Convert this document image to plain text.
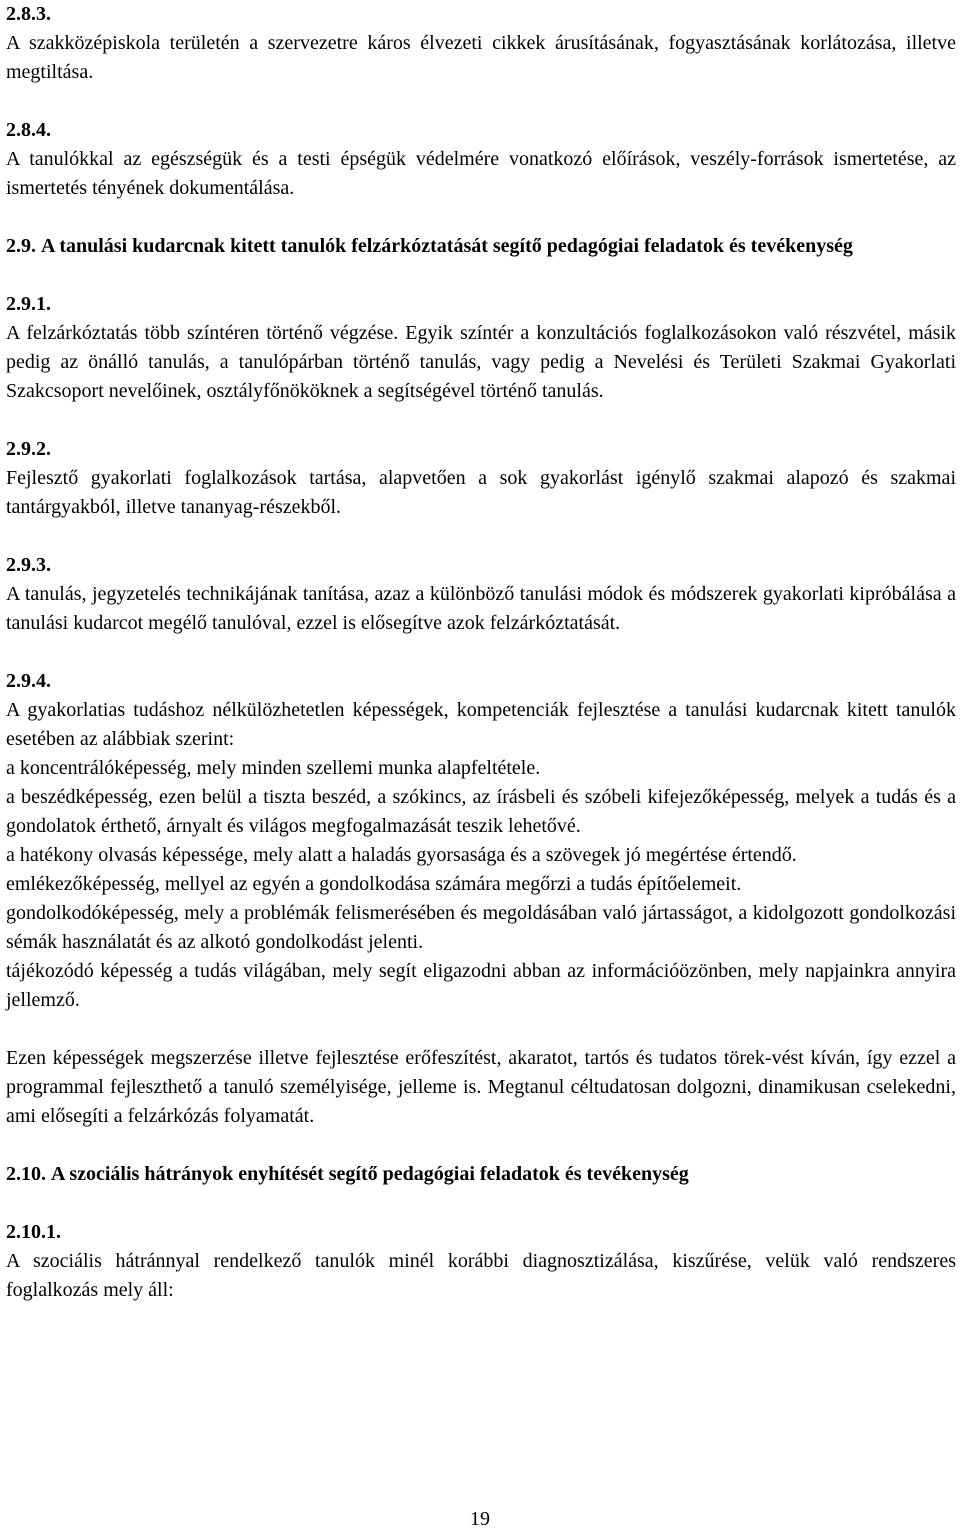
2.8.3.

A szakközépiskola területén a szervezetre káros élvezeti cikkek árusításának, fogyasztásának korlátozása, illetve megtiltása.

2.8.4.

A tanulókkal az egészségük és a testi épségük védelmére vonatkozó előírások, veszély-források ismertetése, az ismertetés tényének dokumentálása.

2.9. A tanulási kudarcnak kitett tanulók felzárkóztatását segítő pedagógiai feladatok és tevékenység
2.9.1.

A felzárkóztatás több színtéren történő végzése. Egyik színtér a konzultációs foglalkozásokon való részvétel, másik pedig az önálló tanulás, a tanulópárban történő tanulás, vagy pedig a Nevelési és Területi Szakmai Gyakorlati Szakcsoport nevelőinek, osztályfőnököknek a segítségével történő tanulás.

2.9.2.

Fejlesztő gyakorlati foglalkozások tartása, alapvetően a sok gyakorlást igénylő szakmai alapozó és szakmai tantárgyakból, illetve tananyag-részekből.

2.9.3.

A tanulás, jegyzetelés technikájának tanítása, azaz a különböző tanulási módok és módszerek gyakorlati kipróbálása a tanulási kudarcot megélő tanulóval, ezzel is elősegítve azok felzárkóztatását.

2.9.4.

A gyakorlatias tudáshoz nélkülözhetetlen képességek, kompetenciák fejlesztése a tanulási kudarcnak kitett tanulók esetében az alábbiak szerint:

a koncentrálóképesség, mely minden szellemi munka alapfeltétele.

a beszédképesség, ezen belül a tiszta beszéd, a szókincs, az írásbeli és szóbeli kifejezőképesség, melyek a tudás és a gondolatok érthető, árnyalt és világos megfogalmazását teszik lehetővé.

a hatékony olvasás képessége, mely alatt a haladás gyorsasága és a szövegek jó megértése értendő.

emlékezőképesség, mellyel az egyén a gondolkodása számára megőrzi a tudás építőelemeit.

gondolkodóképesség, mely a problémák felismerésében és megoldásában való jártasságot, a kidolgozott gondolkozási sémák használatát és az alkotó gondolkodást jelenti.

tájékozódó képesség a tudás világában, mely segít eligazodni abban az információözönben, mely napjainkra annyira jellemző.

Ezen képességek megszerzése illetve fejlesztése erőfeszítést, akaratot, tartós és tudatos törek-vést kíván, így ezzel a programmal fejleszthető a tanuló személyisége, jelleme is. Megtanul céltudatosan dolgozni, dinamikusan cselekedni, ami elősegíti a felzárkózás folyamatát.

2.10. A szociális hátrányok enyhítését segítő pedagógiai feladatok és tevékenység
2.10.1.

A szociális hátránnyal rendelkező tanulók minél korábbi diagnosztizálása, kiszűrése, velük való rendszeres foglalkozás mely áll:

19
